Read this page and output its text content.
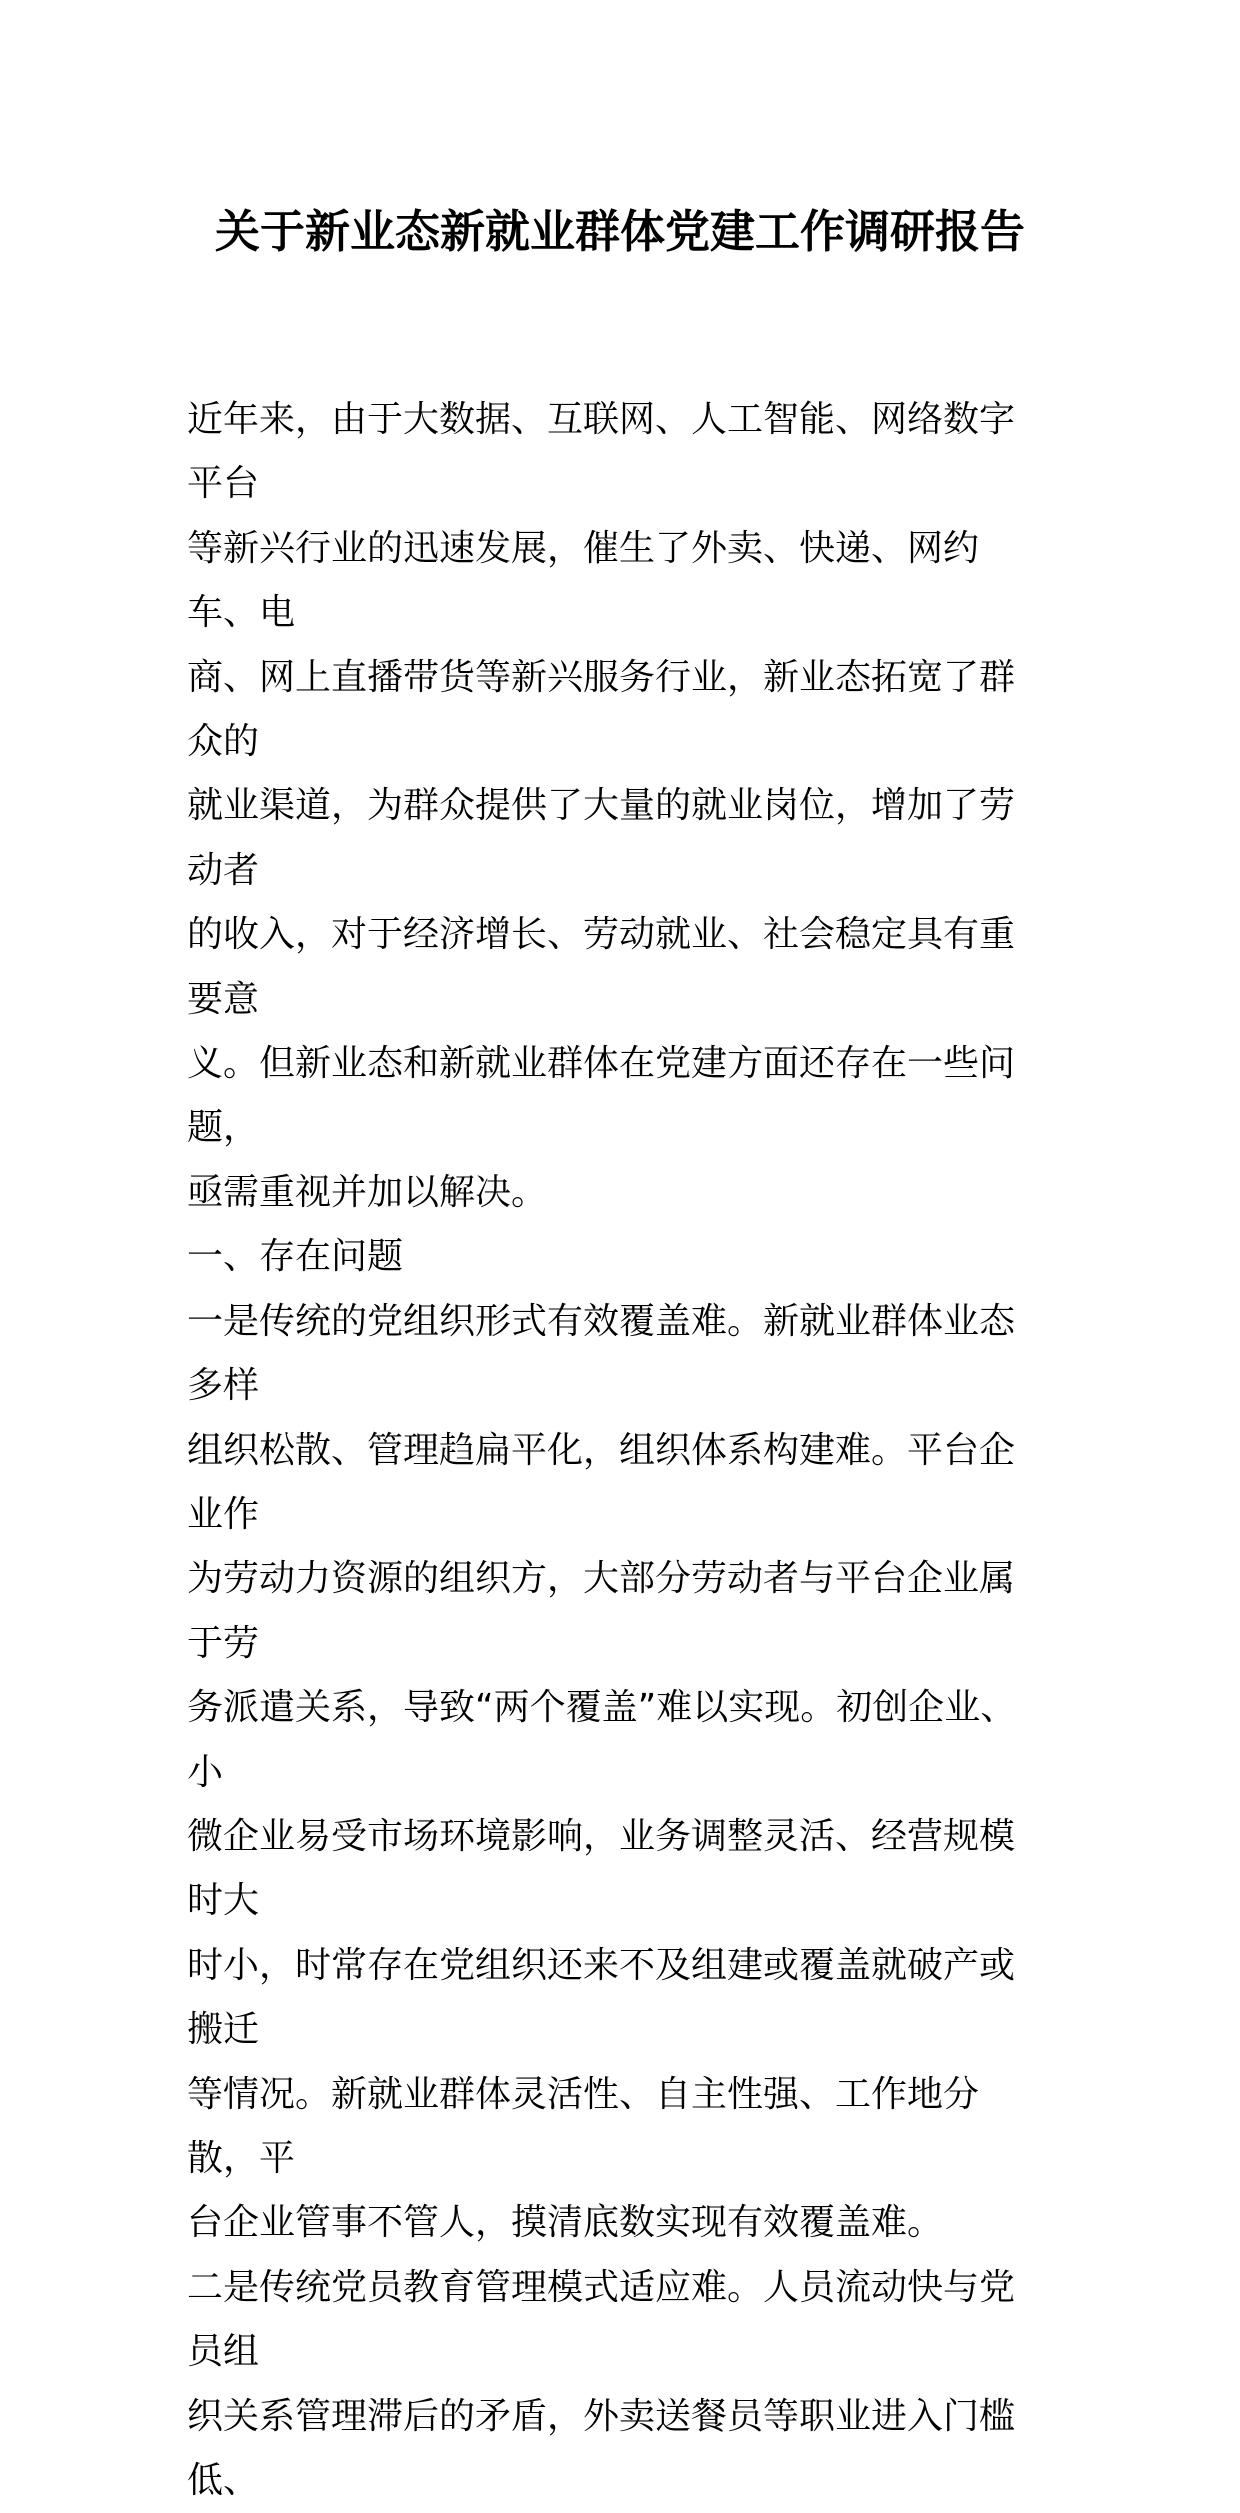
关于新业态新就业群体党建工作调研报告

近年来，由于大数据、互联网、人工智能、网络数字平台
等新兴行业的迅速发展，催生了外卖、快递、网约车、电
商、网上直播带货等新兴服务行业，新业态拓宽了群众的
就业渠道，为群众提供了大量的就业岗位，增加了劳动者
的收入，对于经济增长、劳动就业、社会稳定具有重要意
义。但新业态和新就业群体在党建方面还存在一些问题，
亟需重视并加以解决。

一、存在问题

一是传统的党组织形式有效覆盖难。新就业群体业态多样
组织松散、管理趋扁平化，组织体系构建难。平台企业作
为劳动力资源的组织方，大部分劳动者与平台企业属于劳
务派遣关系，导致“两个覆盖”难以实现。初创企业、小
微企业易受市场环境影响，业务调整灵活、经营规模时大
时小，时常存在党组织还来不及组建或覆盖就破产或搬迁
等情况。新就业群体灵活性、自主性强、工作地分散，平
台企业管事不管人，摸清底数实现有效覆盖难。

二是传统党员教育管理模式适应难。人员流动快与党员组
织关系管理滞后的矛盾，外卖送餐员等职业进入门槛低、
